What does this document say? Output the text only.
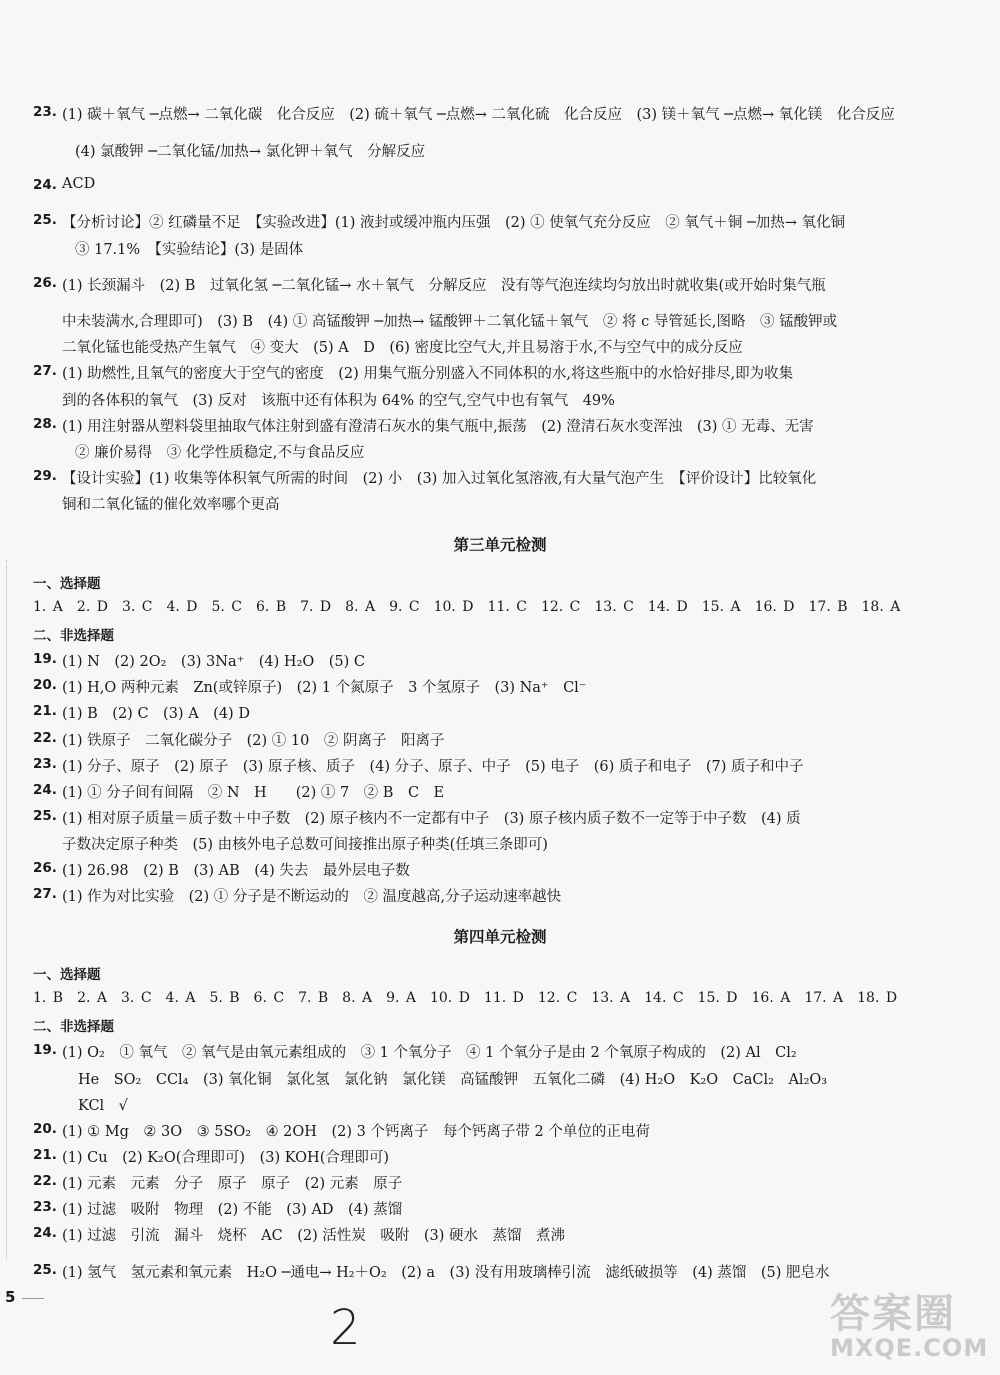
23. (1) 碳＋氧气 ─点燃→ 二氧化碳　化合反应　(2) 硫＋氧气 ─点燃→ 二氧化硫　化合反应　(3) 镁＋氧气 ─点燃→ 氧化镁　化合反应
(4) 氯酸钾 ─二氧化锰/加热→ 氯化钾＋氧气　分解反应
24. ACD
25. 【分析讨论】② 红磷量不足　【实验改进】(1) 液封或缓冲瓶内压强　(2) ① 使氧气充分反应　② 氧气＋铜 ─加热→ 氧化铜
③ 17.1%　【实验结论】(3) 是固体
26. (1) 长颈漏斗　(2) B　过氧化氢 ─二氧化锰→ 水＋氧气　分解反应　没有等气泡连续均匀放出时就收集(或开始时集气瓶
中未装满水,合理即可)　(3) B　(4) ① 高锰酸钾 ─加热→ 锰酸钾＋二氧化锰＋氧气　② 将 c 导管延长,图略　③ 锰酸钾或
二氧化锰也能受热产生氧气　④ 变大　(5) A　D　(6) 密度比空气大,并且易溶于水,不与空气中的成分反应
27. (1) 助燃性,且氧气的密度大于空气的密度　(2) 用集气瓶分别盛入不同体积的水,将这些瓶中的水恰好排尽,即为收集
到的各体积的氧气　(3) 反对　该瓶中还有体积为 64% 的空气,空气中也有氧气　49%
28. (1) 用注射器从塑料袋里抽取气体注射到盛有澄清石灰水的集气瓶中,振荡　(2) 澄清石灰水变浑浊　(3) ① 无毒、无害
② 廉价易得　③ 化学性质稳定,不与食品反应
29. 【设计实验】(1) 收集等体积氧气所需的时间　(2) 小　(3) 加入过氧化氢溶液,有大量气泡产生　【评价设计】比较氧化
铜和二氧化锰的催化效率哪个更高
第三单元检测
一、选择题
1. A　2. D　3. C　4. D　5. C　6. B　7. D　8. A　9. C　10. D　11. C　12. C　13. C　14. D　15. A　16. D　17. B　18. A
二、非选择题
19. (1) N　(2) 2O₂　(3) 3Na⁺　(4) H₂O　(5) C
20. (1) H,O 两种元素　Zn(或锌原子)　(2) 1 个氮原子　3 个氢原子　(3) Na⁺　Cl⁻
21. (1) B　(2) C　(3) A　(4) D
22. (1) 铁原子　二氧化碳分子　(2) ① 10　② 阴离子　阳离子
23. (1) 分子、原子　(2) 原子　(3) 原子核、质子　(4) 分子、原子、中子　(5) 电子　(6) 质子和电子　(7) 质子和中子
24. (1) ① 分子间有间隔　② N　H　　(2) ① 7　② B　C　E
25. (1) 相对原子质量＝质子数＋中子数　(2) 原子核内不一定都有中子　(3) 原子核内质子数不一定等于中子数　(4) 质
子数决定原子种类　(5) 由核外电子总数可间接推出原子种类(任填三条即可)
26. (1) 26.98　(2) B　(3) AB　(4) 失去　最外层电子数
27. (1) 作为对比实验　(2) ① 分子是不断运动的　② 温度越高,分子运动速率越快
第四单元检测
一、选择题
1. B　2. A　3. C　4. A　5. B　6. C　7. B　8. A　9. A　10. D　11. D　12. C　13. A　14. C　15. D　16. A　17. A　18. D
二、非选择题
19. (1) O₂　① 氧气　② 氧气是由氧元素组成的　③ 1 个氧分子　④ 1 个氧分子是由 2 个氧原子构成的　(2) Al　Cl₂
He　SO₂　CCl₄　(3) 氧化铜　氯化氢　氯化钠　氯化镁　高锰酸钾　五氧化二磷　(4) H₂O　K₂O　CaCl₂　Al₂O₃
KCl　√
20. (1) ① Mg　② 3O　③ 5SO₂　④ 2OH　(2) 3 个钙离子　每个钙离子带 2 个单位的正电荷
21. (1) Cu　(2) K₂O(合理即可)　(3) KOH(合理即可)
22. (1) 元素　元素　分子　原子　原子　(2) 元素　原子
23. (1) 过滤　吸附　物理　(2) 不能　(3) AD　(4) 蒸馏
24. (1) 过滤　引流　漏斗　烧杯　AC　(2) 活性炭　吸附　(3) 硬水　蒸馏　煮沸
25. (1) 氢气　氢元素和氧元素　H₂O ─通电→ H₂＋O₂　(2) a　(3) 没有用玻璃棒引流　滤纸破损等　(4) 蒸馏　(5) 肥皂水
5
2	答案圈
MXQE.COM
